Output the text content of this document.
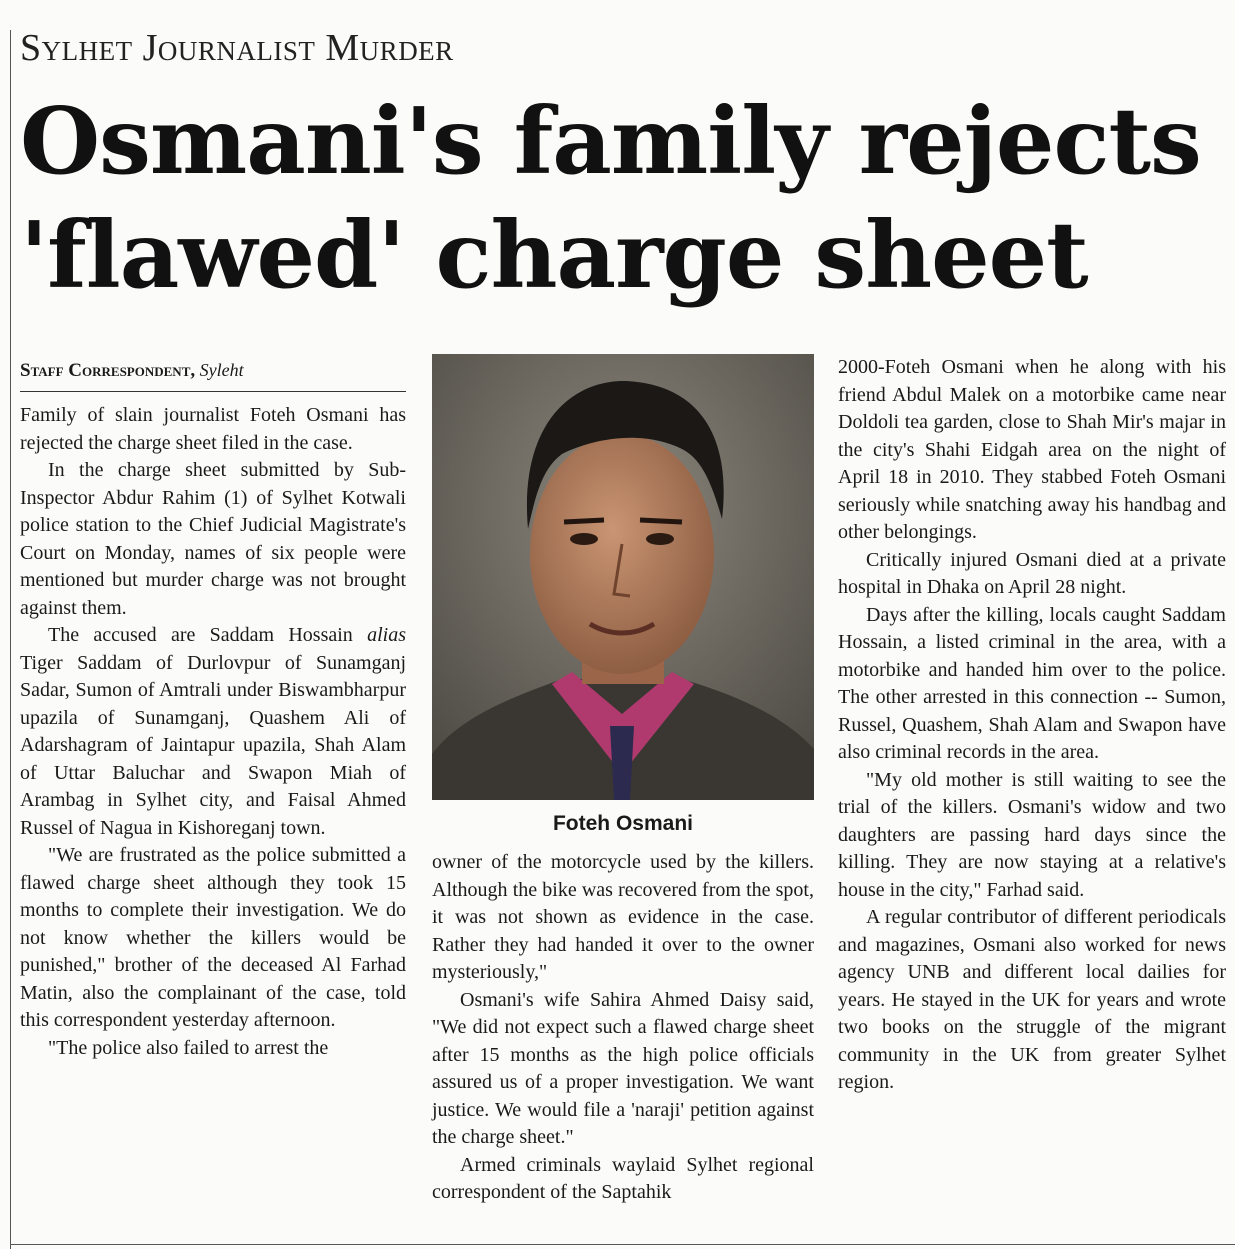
Sylhet Journalist Murder
Osmani's family rejects 'flawed' charge sheet
Staff Correspondent, Syleht

Family of slain journalist Foteh Osmani has rejected the charge sheet filed in the case.

In the charge sheet submitted by Sub-Inspector Abdur Rahim (1) of Sylhet Kotwali police station to the Chief Judicial Magistrate's Court on Monday, names of six people were mentioned but murder charge was not brought against them.

The accused are Saddam Hossain alias Tiger Saddam of Durlovpur of Sunamganj Sadar, Sumon of Amtrali under Biswambharpur upazila of Sunamganj, Quashem Ali of Adarshagram of Jaintapur upazila, Shah Alam of Uttar Baluchar and Swapon Miah of Arambag in Sylhet city, and Faisal Ahmed Russel of Nagua in Kishoreganj town.

"We are frustrated as the police submitted a flawed charge sheet although they took 15 months to complete their investigation. We do not know whether the killers would be punished," brother of the deceased Al Farhad Matin, also the complainant of the case, told this correspondent yesterday afternoon.

"The police also failed to arrest the

Foteh Osmani

owner of the motorcycle used by the killers. Although the bike was recovered from the spot, it was not shown as evidence in the case. Rather they had handed it over to the owner mysteriously,"

Osmani's wife Sahira Ahmed Daisy said, "We did not expect such a flawed charge sheet after 15 months as the high police officials assured us of a proper investigation. We want justice. We would file a 'naraji' petition against the charge sheet."

Armed criminals waylaid Sylhet regional correspondent of the Saptahik

2000-Foteh Osmani when he along with his friend Abdul Malek on a motorbike came near Doldoli tea garden, close to Shah Mir's majar in the city's Shahi Eidgah area on the night of April 18 in 2010. They stabbed Foteh Osmani seriously while snatching away his handbag and other belongings.

Critically injured Osmani died at a private hospital in Dhaka on April 28 night.

Days after the killing, locals caught Saddam Hossain, a listed criminal in the area, with a motorbike and handed him over to the police. The other arrested in this connection -- Sumon, Russel, Quashem, Shah Alam and Swapon have also criminal records in the area.

"My old mother is still waiting to see the trial of the killers. Osmani's widow and two daughters are passing hard days since the killing. They are now staying at a relative's house in the city," Farhad said.

A regular contributor of different periodicals and magazines, Osmani also worked for news agency UNB and different local dailies for years. He stayed in the UK for years and wrote two books on the struggle of the migrant community in the UK from greater Sylhet region.
